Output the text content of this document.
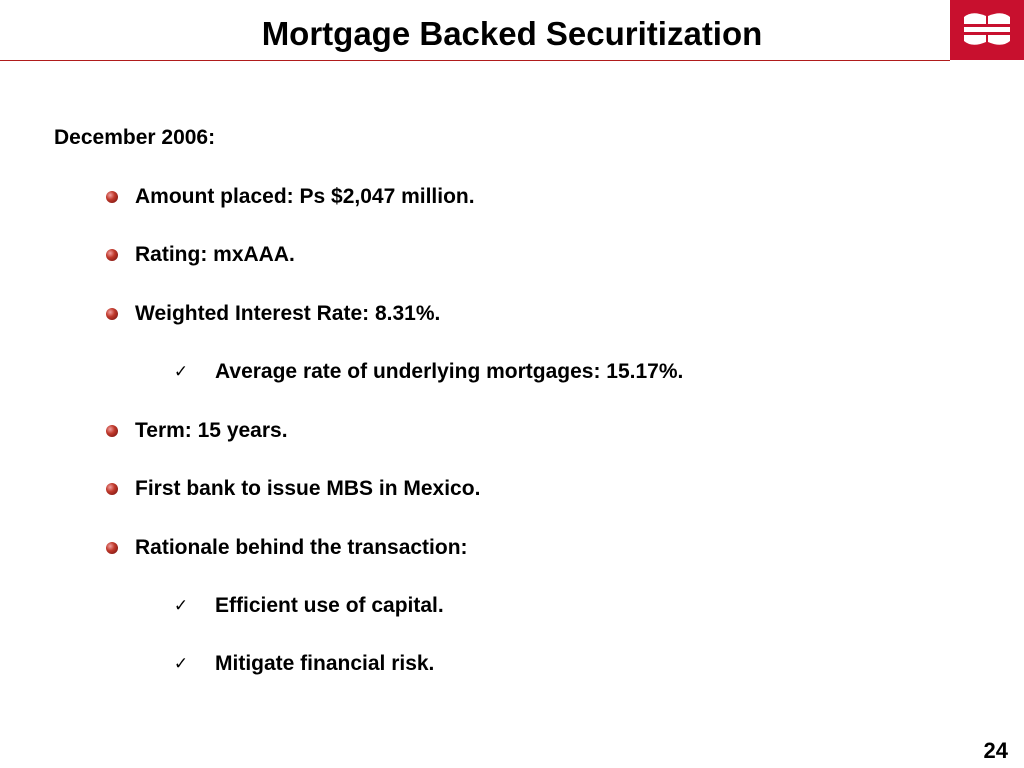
Mortgage Backed Securitization
December 2006:
Amount placed: Ps $2,047 million.
Rating: mxAAA.
Weighted Interest Rate: 8.31%.
✓ Average rate of underlying mortgages: 15.17%.
Term: 15 years.
First bank to issue MBS in Mexico.
Rationale behind the transaction:
✓ Efficient use of capital.
✓ Mitigate financial risk.
24
